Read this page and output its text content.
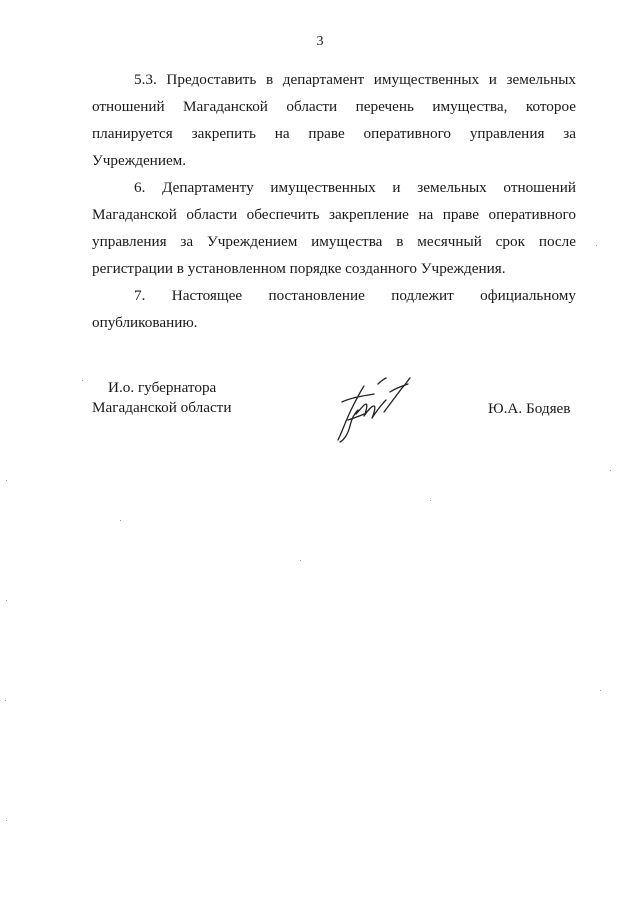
3

5.3. Предоставить в департамент имущественных и земельных отношений Магаданской области перечень имущества, которое планируется закрепить на праве оперативного управления за Учреждением.

6. Департаменту имущественных и земельных отношений Магаданской области обеспечить закрепление на праве оперативного управления за Учреждением имущества в месячный срок после регистрации в установленном порядке созданного Учреждения.

7. Настоящее постановление подлежит официальному
опубликованию.

И.о. губернатора
Магаданской области	Ю.А. Бодяев
